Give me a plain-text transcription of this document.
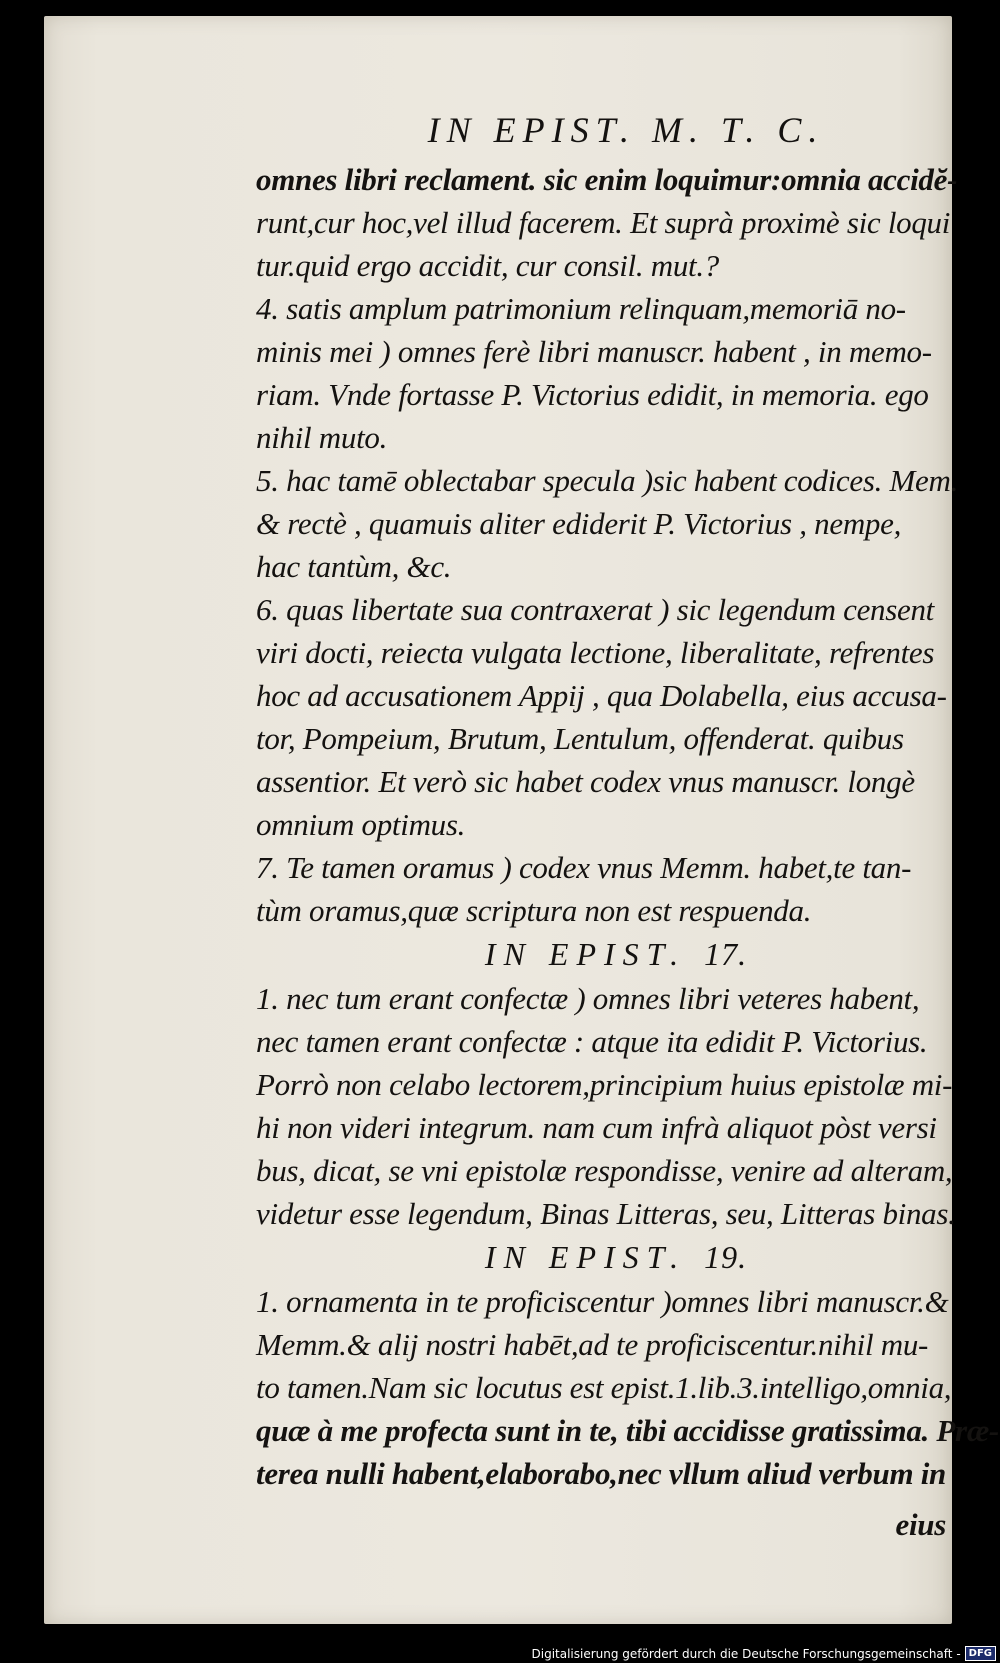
IN EPIST. M. T. C.
omnes libri reclament. sic enim loquimur:omnia accidĕ-
runt,cur hoc,vel illud facerem. Et suprà proximè sic loqui
tur.quid ergo accidit, cur consil. mut.?
4. satis amplum patrimonium relinquam,memoriā no-
minis mei ) omnes ferè libri manuscr. habent , in memo-
riam. Vnde fortasse P. Victorius edidit, in memoria. ego
nihil muto.
5. hac tamē oblectabar specula )sic habent codices. Mem.
& rectè , quamuis aliter ediderit P. Victorius , nempe,
hac tantùm, &c.
6. quas libertate sua contraxerat ) sic legendum censent
viri docti, reiecta vulgata lectione, liberalitate, refrentes
hoc ad accusationem Appij , qua Dolabella, eius accusa-
tor, Pompeium, Brutum, Lentulum, offenderat. quibus
assentior. Et verò sic habet codex vnus manuscr. longè
omnium optimus.
7. Te tamen oramus ) codex vnus Memm. habet,te tan-
tùm oramus,quæ scriptura non est respuenda.
IN EPIST. 17.
1. nec tum erant confectæ ) omnes libri veteres habent,
nec tamen erant confectæ : atque ita edidit P. Victorius.
Porrò non celabo lectorem,principium huius epistolæ mi-
hi non videri integrum. nam cum infrà aliquot pòst versi
bus, dicat, se vni epistolæ respondisse, venire ad alteram,
videtur esse legendum, Binas Litteras, seu, Litteras binas.
IN EPIST. 19.
1. ornamenta in te proficiscentur )omnes libri manuscr.&
Memm.& alij nostri habēt,ad te proficiscentur.nihil mu-
to tamen.Nam sic locutus est epist.1.lib.3.intelligo,omnia,
quæ à me profecta sunt in te, tibi accidisse gratissima. Præ-
terea nulli habent,elaborabo,nec vllum aliud verbum in
eius
Digitalisierung gefördert durch die Deutsche Forschungsgemeinschaft - DFG
